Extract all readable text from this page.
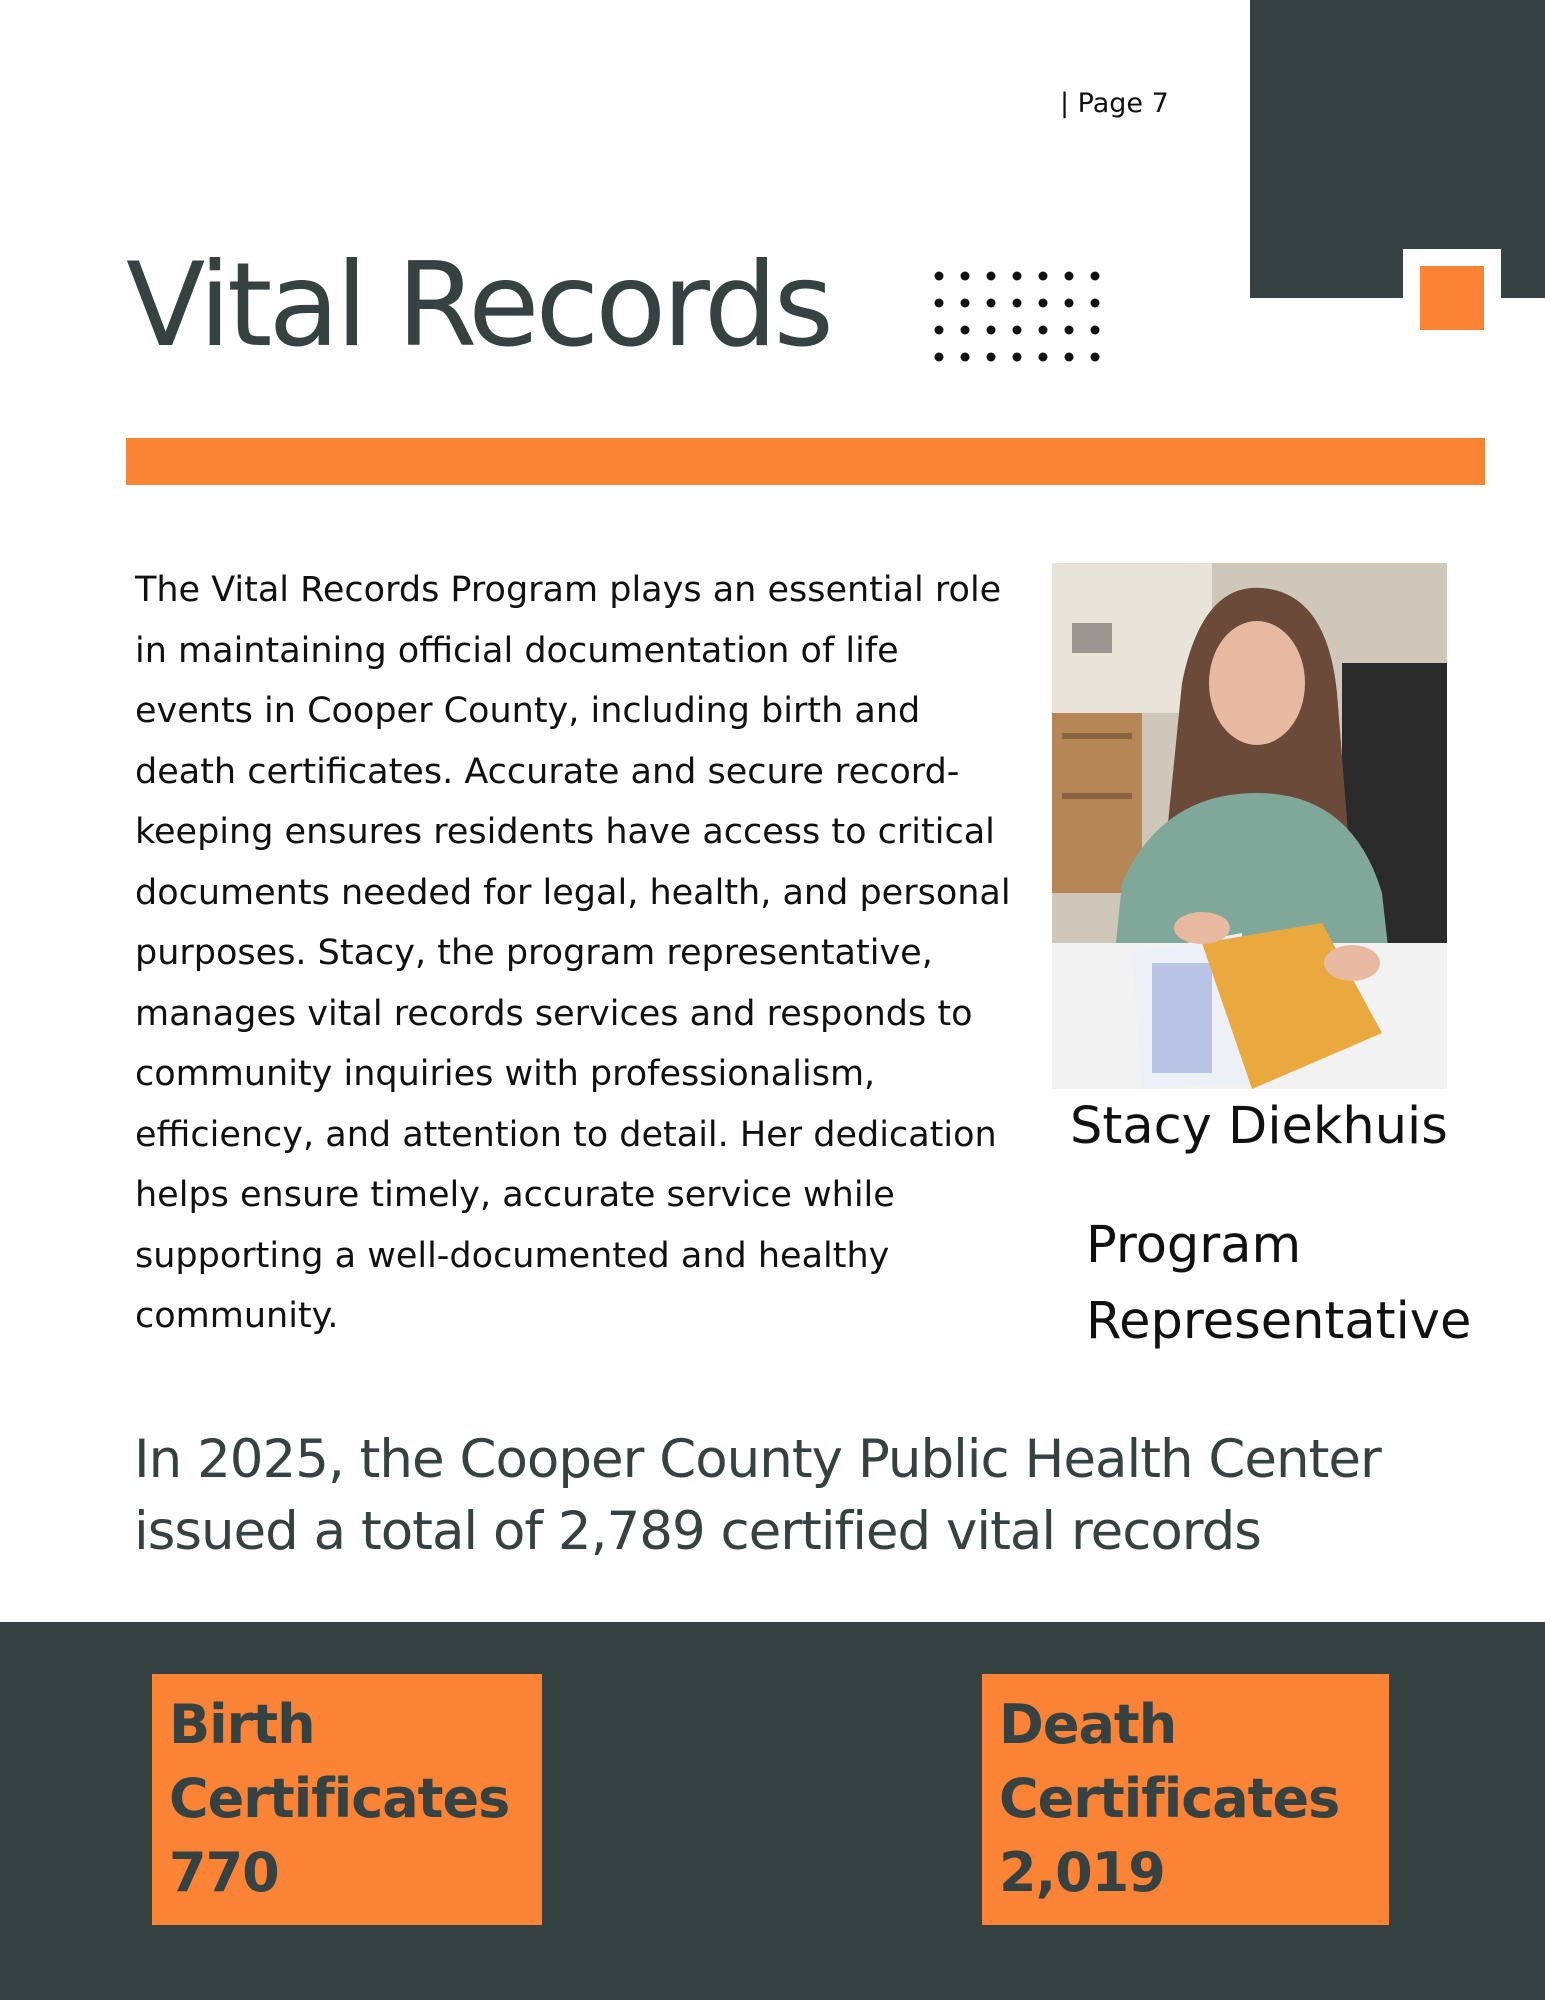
| Page 7
Vital Records

The Vital Records Program plays an essential role in maintaining official documentation of life events in Cooper County, including birth and death certificates. Accurate and secure record-keeping ensures residents have access to critical documents needed for legal, health, and personal purposes. Stacy, the program representative, manages vital records services and responds to community inquiries with professionalism, efficiency, and attention to detail. Her dedication helps ensure timely, accurate service while supporting a well-documented and healthy community.

Stacy Diekhuis
Program Representative

In 2025, the Cooper County Public Health Center issued a total of 2,789 certified vital records

Birth
Certificates
770
Death
Certificates
2,019
